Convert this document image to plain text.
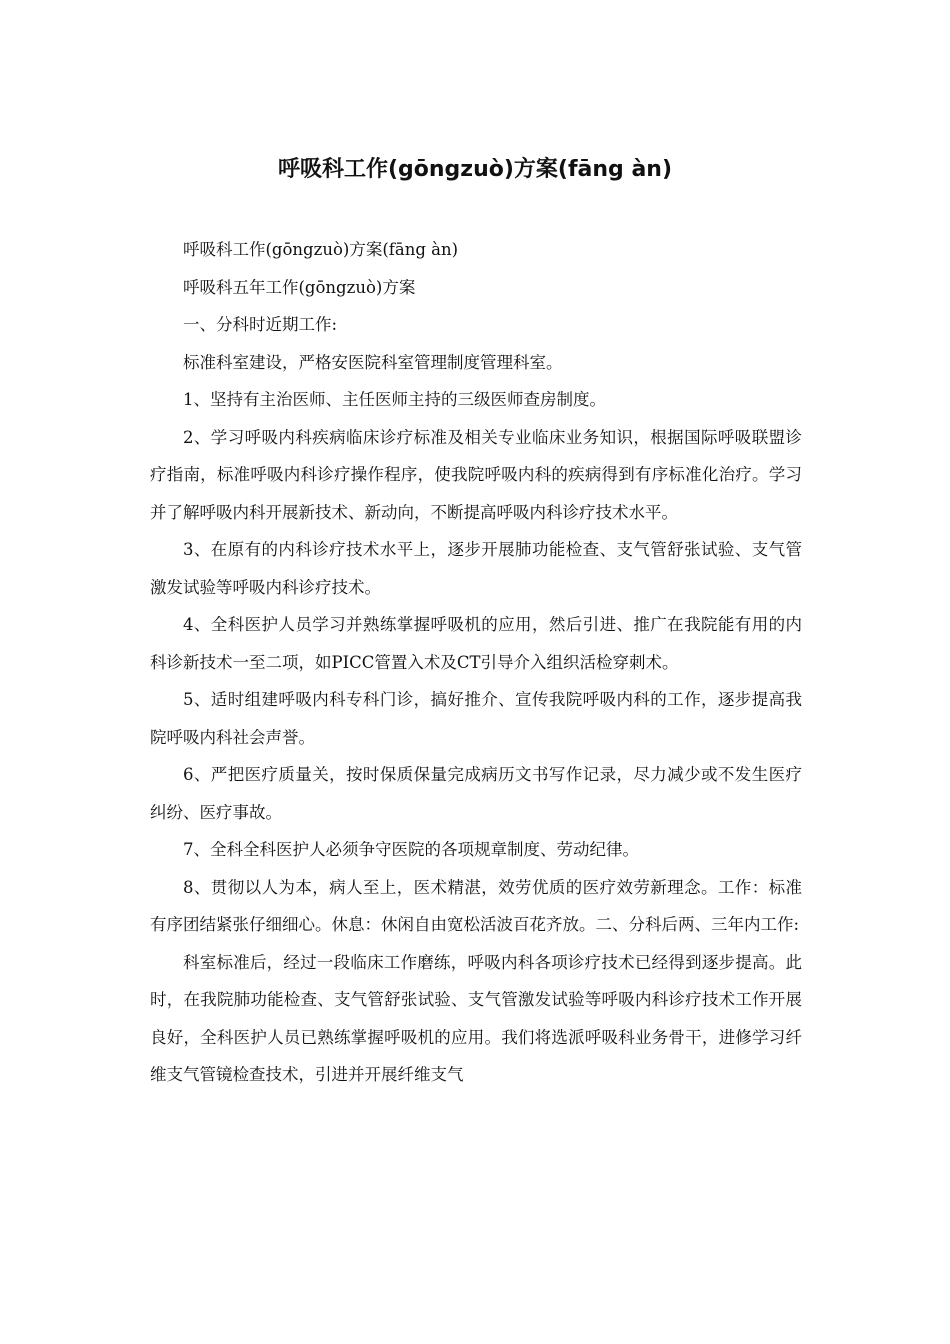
呼吸科工作(gōngzuò)方案(fāng àn)

呼吸科工作(gōngzuò)方案(fāng àn)

呼吸科五年工作(gōngzuò)方案

一、分科时近期工作:

标准科室建设，严格安医院科室管理制度管理科室。

1、坚持有主治医师、主任医师主持的三级医师查房制度。

2、学习呼吸内科疾病临床诊疗标准及相关专业临床业务知识，根据国际呼吸联盟诊疗指南，标准呼吸内科诊疗操作程序，使我院呼吸内科的疾病得到有序标准化治疗。学习并了解呼吸内科开展新技术、新动向，不断提高呼吸内科诊疗技术水平。

3、在原有的内科诊疗技术水平上，逐步开展肺功能检查、支气管舒张试验、支气管激发试验等呼吸内科诊疗技术。

4、全科医护人员学习并熟练掌握呼吸机的应用，然后引进、推广在我院能有用的内科诊新技术一至二项，如PICC管置入术及CT引导介入组织活检穿刺术。

5、适时组建呼吸内科专科门诊，搞好推介、宣传我院呼吸内科的工作，逐步提高我院呼吸内科社会声誉。

6、严把医疗质量关，按时保质保量完成病历文书写作记录，尽力减少或不发生医疗纠纷、医疗事故。

7、全科全科医护人必须争守医院的各项规章制度、劳动纪律。

8、贯彻以人为本，病人至上，医术精湛，效劳优质的医疗效劳新理念。工作：标准有序团结紧张仔细细心。休息：休闲自由宽松活波百花齐放。二、分科后两、三年内工作:

科室标准后，经过一段临床工作磨练，呼吸内科各项诊疗技术已经得到逐步提高。此时，在我院肺功能检查、支气管舒张试验、支气管激发试验等呼吸内科诊疗技术工作开展良好，全科医护人员已熟练掌握呼吸机的应用。我们将选派呼吸科业务骨干，进修学习纤维支气管镜检查技术，引进并开展纤维支气
